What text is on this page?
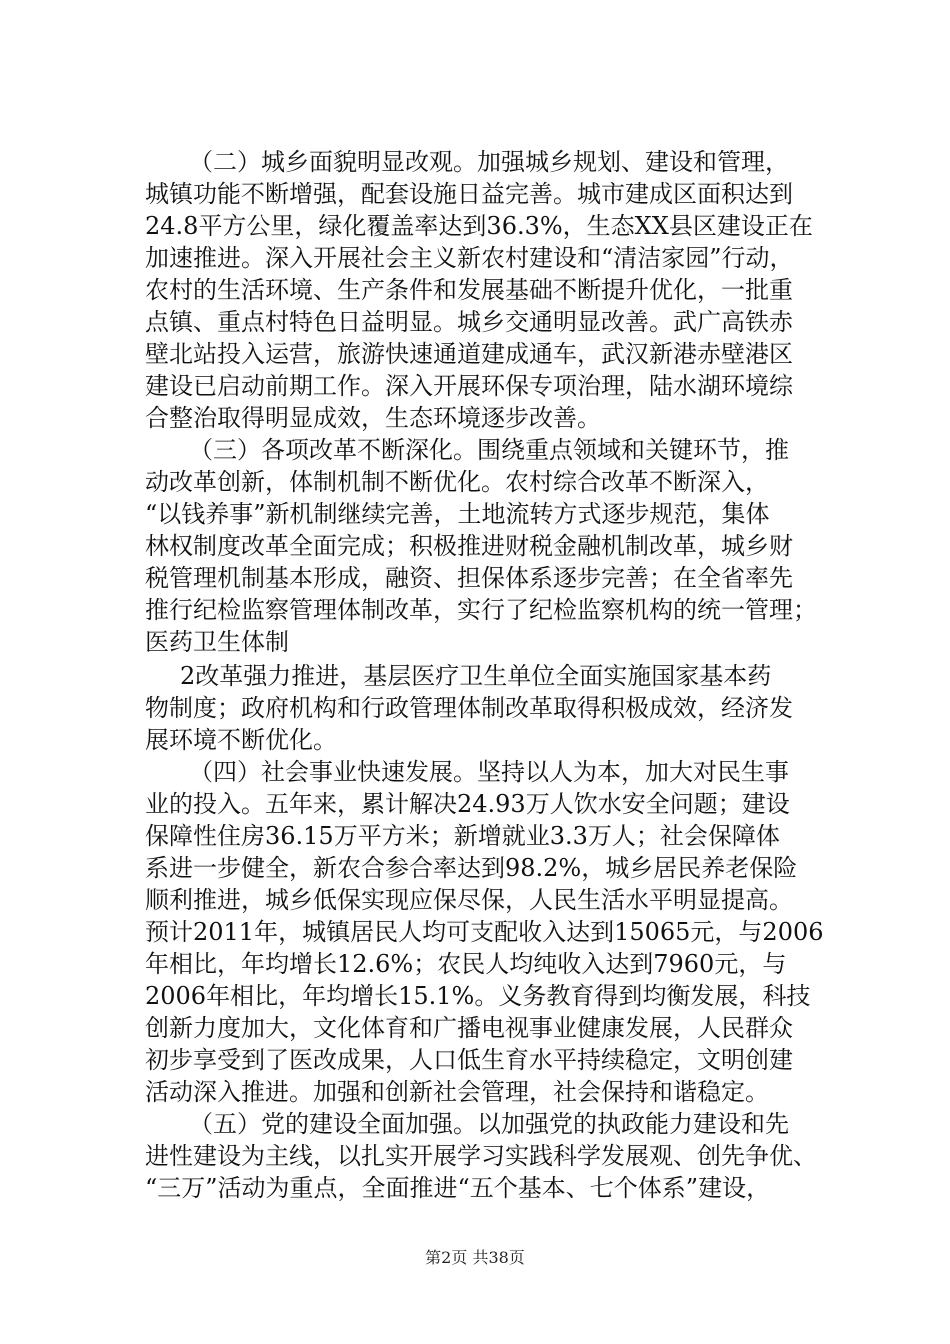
（二）城乡面貌明显改观。加强城乡规划、建设和管理，
城镇功能不断增强，配套设施日益完善。城市建成区面积达到
24.8平方公里，绿化覆盖率达到36.3%，生态XX县区建设正在
加速推进。深入开展社会主义新农村建设和“清洁家园”行动，
农村的生活环境、生产条件和发展基础不断提升优化，一批重
点镇、重点村特色日益明显。城乡交通明显改善。武广高铁赤
壁北站投入运营，旅游快速通道建成通车，武汉新港赤壁港区
建设已启动前期工作。深入开展环保专项治理，陆水湖环境综
合整治取得明显成效，生态环境逐步改善。
（三）各项改革不断深化。围绕重点领域和关键环节，推
动改革创新，体制机制不断优化。农村综合改革不断深入，
“以钱养事”新机制继续完善，土地流转方式逐步规范，集体
林权制度改革全面完成；积极推进财税金融机制改革，城乡财
税管理机制基本形成，融资、担保体系逐步完善；在全省率先
推行纪检监察管理体制改革，实行了纪检监察机构的统一管理；
医药卫生体制
2改革强力推进，基层医疗卫生单位全面实施国家基本药
物制度；政府机构和行政管理体制改革取得积极成效，经济发
展环境不断优化。
（四）社会事业快速发展。坚持以人为本，加大对民生事
业的投入。五年来，累计解决24.93万人饮水安全问题；建设
保障性住房36.15万平方米；新增就业3.3万人；社会保障体
系进一步健全，新农合参合率达到98.2%，城乡居民养老保险
顺利推进，城乡低保实现应保尽保，人民生活水平明显提高。
预计2011年，城镇居民人均可支配收入达到15065元，与2006
年相比，年均增长12.6%；农民人均纯收入达到7960元，与
2006年相比，年均增长15.1%。义务教育得到均衡发展，科技
创新力度加大，文化体育和广播电视事业健康发展，人民群众
初步享受到了医改成果，人口低生育水平持续稳定，文明创建
活动深入推进。加强和创新社会管理，社会保持和谐稳定。
（五）党的建设全面加强。以加强党的执政能力建设和先
进性建设为主线，以扎实开展学习实践科学发展观、创先争优、
“三万”活动为重点，全面推进“五个基本、七个体系”建设，
第2页 共38页
